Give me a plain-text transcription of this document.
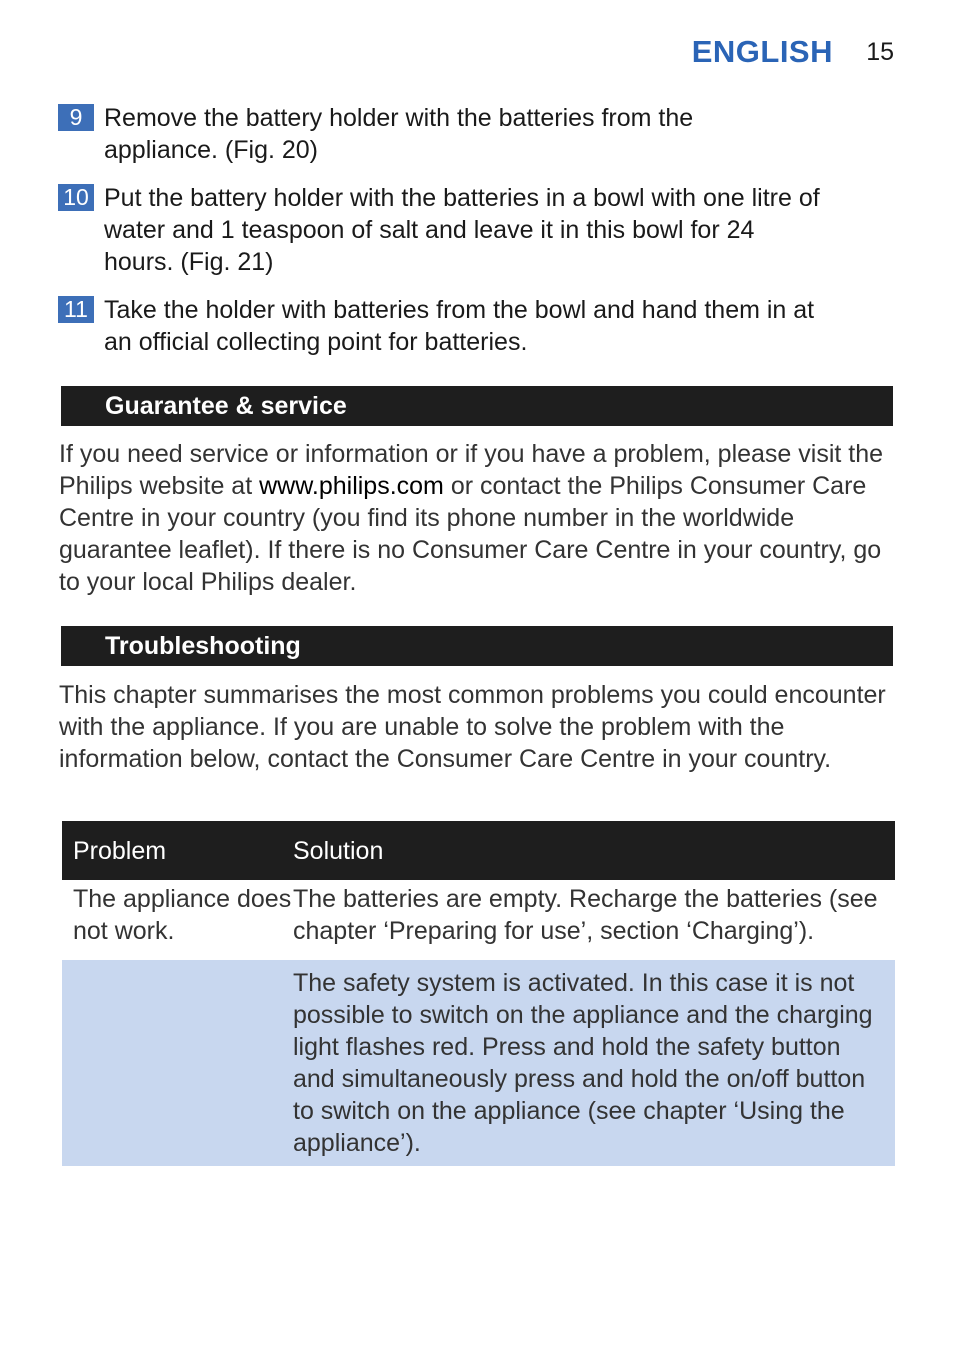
ENGLISH	15
9 Remove the battery holder with the batteries from the
appliance. (Fig. 20)
10 Put the battery holder with the batteries in a bowl with one litre of
water and 1 teaspoon of salt and leave it in this bowl for 24
hours. (Fig. 21)
11 Take the holder with batteries from the bowl and hand them in at
an official collecting point for batteries.
Guarantee & service
If you need service or information or if you have a problem, please visit the Philips website at www.philips.com or contact the Philips Consumer Care Centre in your country (you find its phone number in the worldwide guarantee leaflet). If there is no Consumer Care Centre in your country, go to your local Philips dealer.
Troubleshooting
This chapter summarises the most common problems you could encounter with the appliance. If you are unable to solve the problem with the information below, contact the Consumer Care Centre in your country.
Problem	Solution
The appliance does not work.	The batteries are empty. Recharge the batteries (see chapter ‘Preparing for use’, section ‘Charging’).
	The safety system is activated. In this case it is not possible to switch on the appliance and the charging light flashes red. Press and hold the safety button and simultaneously press and hold the on/off button to switch on the appliance (see chapter ‘Using the appliance’).
